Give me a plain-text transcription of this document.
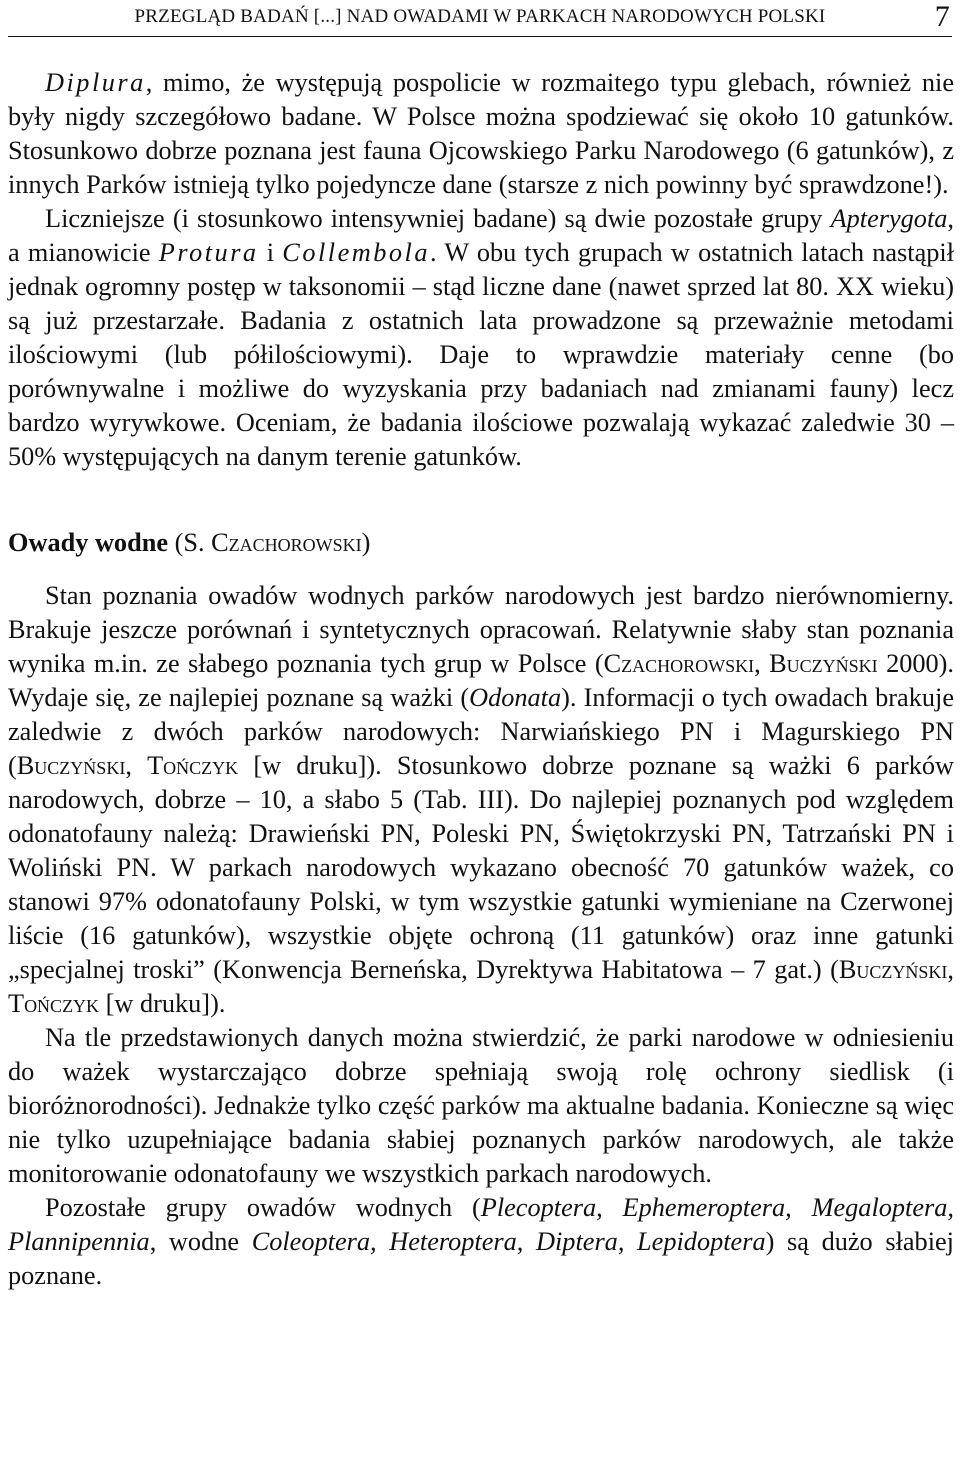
PRZEGLĄD BADAŃ [...] NAD OWADAMI W PARKACH NARODOWYCH POLSKI	7

Diplura, mimo, że występują pospolicie w rozmaitego typu glebach, również nie były nigdy szczegółowo badane. W Polsce można spodziewać się około 10 gatunków. Stosunkowo dobrze poznana jest fauna Ojcowskiego Parku Narodowego (6 gatunków), z innych Parków istnieją tylko pojedyncze dane (starsze z nich powinny być sprawdzone!).

Liczniejsze (i stosunkowo intensywniej badane) są dwie pozostałe grupy Apterygota, a mianowicie Protura i Collembola. W obu tych grupach w ostatnich latach nastąpił jednak ogromny postęp w taksonomii – stąd liczne dane (nawet sprzed lat 80. XX wieku) są już przestarzałe. Badania z ostatnich lata prowadzone są przeważnie metodami ilościowymi (lub półilościowymi). Daje to wprawdzie materiały cenne (bo porównywalne i możliwe do wyzyskania przy badaniach nad zmianami fauny) lecz bardzo wyrywkowe. Oceniam, że badania ilościowe pozwalają wykazać zaledwie 30 – 50% występujących na danym terenie gatunków.

Owady wodne (S. Czachorowski)

Stan poznania owadów wodnych parków narodowych jest bardzo nierównomierny. Brakuje jeszcze porównań i syntetycznych opracowań. Relatywnie słaby stan poznania wynika m.in. ze słabego poznania tych grup w Polsce (Czachorowski, Buczyński 2000). Wydaje się, ze najlepiej poznane są ważki (Odonata). Informacji o tych owadach brakuje zaledwie z dwóch parków narodowych: Narwiańskiego PN i Magurskiego PN (Buczyński, Tończyk [w druku]). Stosunkowo dobrze poznane są ważki 6 parków narodowych, dobrze – 10, a słabo 5 (Tab. III). Do najlepiej poznanych pod względem odonatofauny należą: Drawieński PN, Poleski PN, Świętokrzyski PN, Tatrzański PN i Woliński PN. W parkach narodowych wykazano obecność 70 gatunków ważek, co stanowi 97% odonatofauny Polski, w tym wszystkie gatunki wymieniane na Czerwonej liście (16 gatunków), wszystkie objęte ochroną (11 gatunków) oraz inne gatunki „specjalnej troski” (Konwencja Berneńska, Dyrektywa Habitatowa – 7 gat.) (Buczyński, Tończyk [w druku]).

Na tle przedstawionych danych można stwierdzić, że parki narodowe w odniesieniu do ważek wystarczająco dobrze spełniają swoją rolę ochrony siedlisk (i bioróżnorodności). Jednakże tylko część parków ma aktualne badania. Konieczne są więc nie tylko uzupełniające badania słabiej poznanych parków narodowych, ale także monitorowanie odonatofauny we wszystkich parkach narodowych.

Pozostałe grupy owadów wodnych (Plecoptera, Ephemeroptera, Megaloptera, Plannipennia, wodne Coleoptera, Heteroptera, Diptera, Lepidoptera) są dużo słabiej poznane.
